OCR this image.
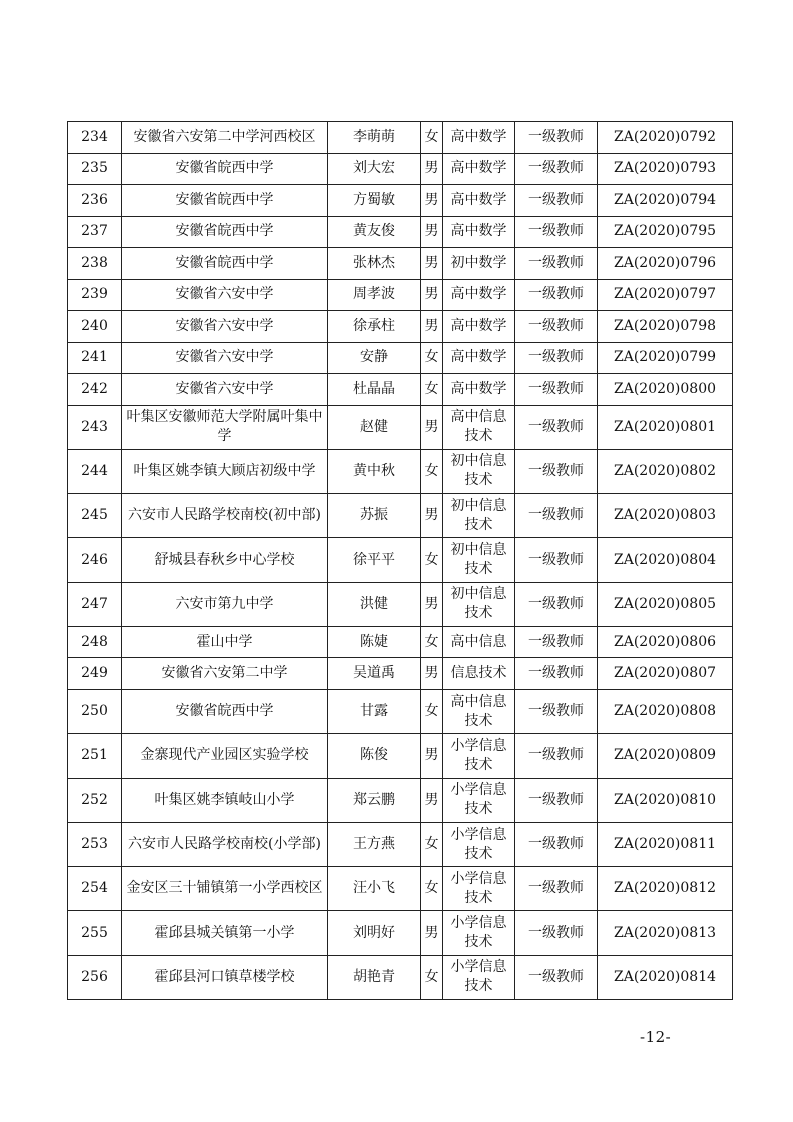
234	安徽省六安第二中学河西校区	李萌萌	女	高中数学	一级教师	ZA(2020)0792
235	安徽省皖西中学	刘大宏	男	高中数学	一级教师	ZA(2020)0793
236	安徽省皖西中学	方蜀敏	男	高中数学	一级教师	ZA(2020)0794
237	安徽省皖西中学	黄友俊	男	高中数学	一级教师	ZA(2020)0795
238	安徽省皖西中学	张林杰	男	初中数学	一级教师	ZA(2020)0796
239	安徽省六安中学	周孝波	男	高中数学	一级教师	ZA(2020)0797
240	安徽省六安中学	徐承柱	男	高中数学	一级教师	ZA(2020)0798
241	安徽省六安中学	安静	女	高中数学	一级教师	ZA(2020)0799
242	安徽省六安中学	杜晶晶	女	高中数学	一级教师	ZA(2020)0800
243	叶集区安徽师范大学附属叶集中学	赵健	男	高中信息技术	一级教师	ZA(2020)0801
244	叶集区姚李镇大顾店初级中学	黄中秋	女	初中信息技术	一级教师	ZA(2020)0802
245	六安市人民路学校南校(初中部)	苏振	男	初中信息技术	一级教师	ZA(2020)0803
246	舒城县春秋乡中心学校	徐平平	女	初中信息技术	一级教师	ZA(2020)0804
247	六安市第九中学	洪健	男	初中信息技术	一级教师	ZA(2020)0805
248	霍山中学	陈婕	女	高中信息	一级教师	ZA(2020)0806
249	安徽省六安第二中学	吴道禹	男	信息技术	一级教师	ZA(2020)0807
250	安徽省皖西中学	甘露	女	高中信息技术	一级教师	ZA(2020)0808
251	金寨现代产业园区实验学校	陈俊	男	小学信息技术	一级教师	ZA(2020)0809
252	叶集区姚李镇岐山小学	郑云鹏	男	小学信息技术	一级教师	ZA(2020)0810
253	六安市人民路学校南校(小学部)	王方燕	女	小学信息技术	一级教师	ZA(2020)0811
254	金安区三十铺镇第一小学西校区	汪小飞	女	小学信息技术	一级教师	ZA(2020)0812
255	霍邱县城关镇第一小学	刘明好	男	小学信息技术	一级教师	ZA(2020)0813
256	霍邱县河口镇草楼学校	胡艳青	女	小学信息技术	一级教师	ZA(2020)0814
-12-
